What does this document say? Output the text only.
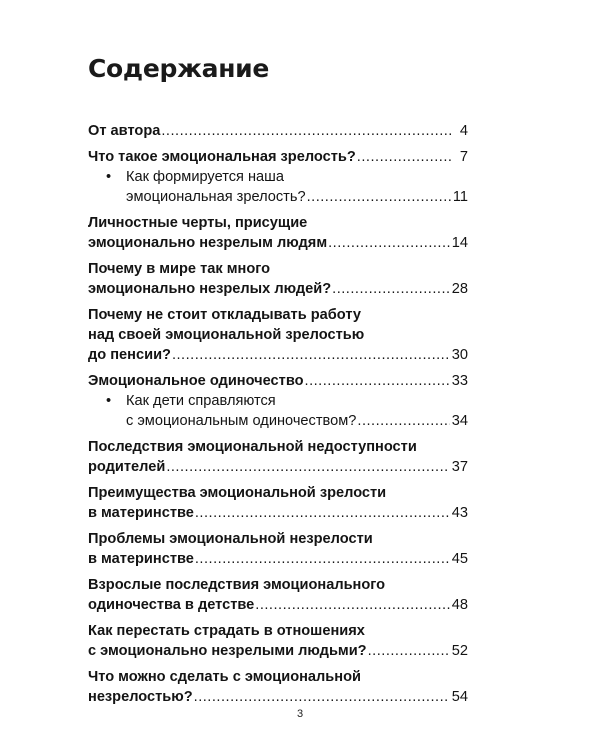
Содержание
От автора .....	4
Что такое эмоциональная зрелость? .....	7
• Как формируется наша
эмоциональная зрелость? .....	11
Личностные черты, присущие
эмоционально незрелым людям .....	14
Почему в мире так много
эмоционально незрелых людей? .....	28
Почему не стоит откладывать работу
над своей эмоциональной зрелостью
до пенсии? .....	30
Эмоциональное одиночество .....	33
• Как дети справляются
с эмоциональным одиночеством? .....	34
Последствия эмоциональной недоступности
родителей .....	37
Преимущества эмоциональной зрелости
в материнстве .....	43
Проблемы эмоциональной незрелости
в материнстве .....	45
Взрослые последствия эмоционального
одиночества в детстве .....	48
Как перестать страдать в отношениях
с эмоционально незрелыми людьми? .....	52
Что можно сделать с эмоциональной
незрелостью? .....	54
3
